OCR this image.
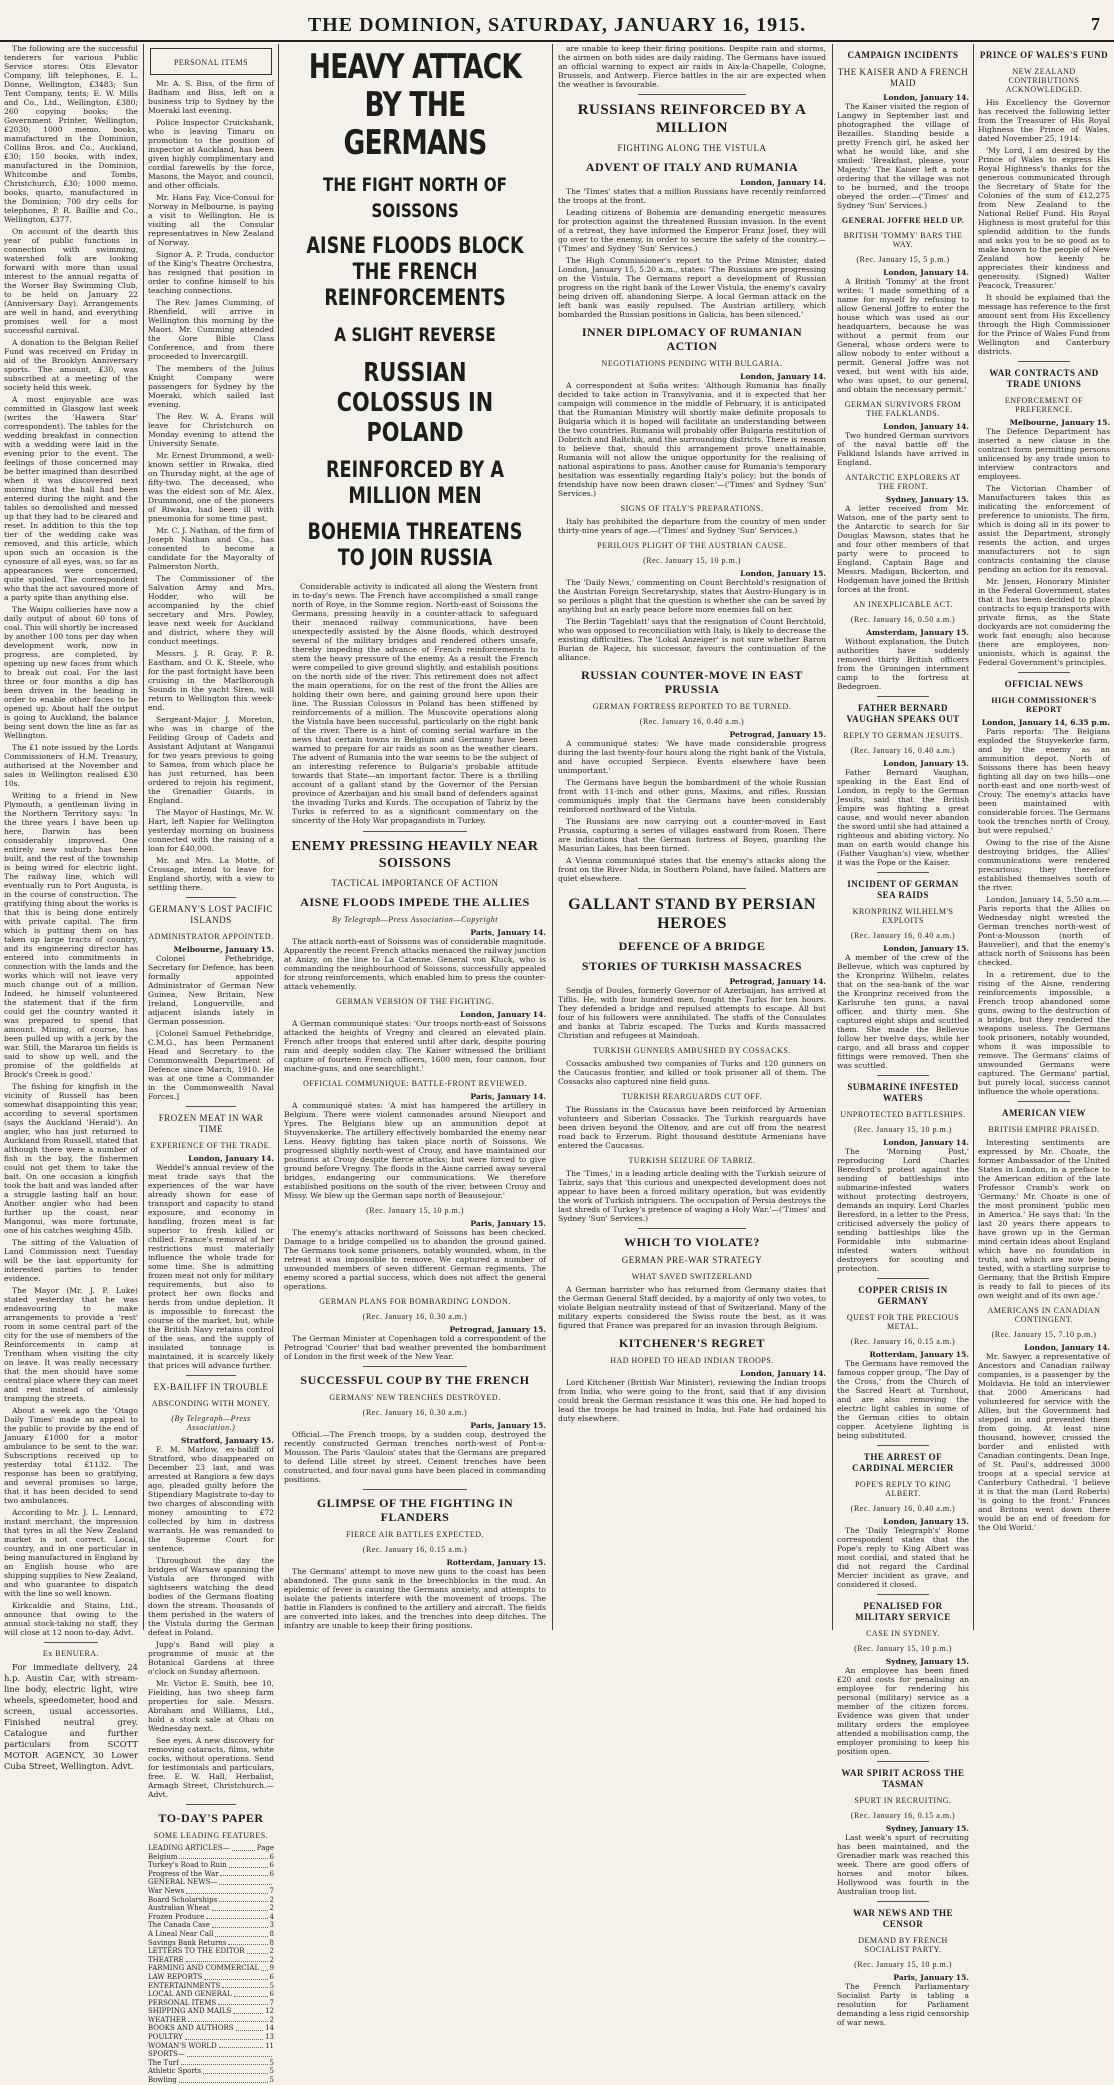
THE DOMINION, SATURDAY, JANUARY 16, 1915.	7

The following are the successful tenderers for various Public Service stores: Otis Elevator Company, lift telephones, E. L. Donne, Wellington, £3483; Sun Tent Company, tents; E. W. Mills and Co., Ltd., Wellington, £380; 260 copying books; the Government Printer, Wellington, £2030; 1000 memo. books, manufactured in the Dominion, Collins Bros. and Co., Auckland, £30; 150 books, with index, manufactured in the Dominion, Whitcombe and Tombs, Christchurch, £30; 1000 memo. books, quarto, manufactured in the Dominion; 700 dry cells for telephones, P. R. Baillie and Co., Wellington, £377.

On account of the dearth this year of public functions in connection with swimming, watershed folk are looking forward with more than usual interest to the annual regatta of the Worser Bay Swimming Club, to be held on January 22 (Anniversary Day). Arrangements are well in hand, and everything promises well for a most successful carnival.

A donation to the Belgian Relief Fund was received on Friday in aid of the Brooklyn Anniversary sports. The amount, £30, was subscribed at a meeting of the society held this week.

A most enjoyable ace was committed in Glasgow last week (writes the 'Hawera Star' correspondent). The tables for the wedding breakfast in connection with a wedding were laid in the evening prior to the event. The feelings of those concerned may be better imagined than described when it was discovered next morning that the hall had been entered during the night and the tables so demolished and messed up that they had to be cleared and reset. In addition to this the top tier of the wedding cake was removed, and this article, which upon such an occasion is the cynosure of all eyes, was, so far as appearances were concerned, quite spoiled. The correspondent who that the act savoured more of a party spite than anything else.

The Waipu collieries have now a daily output of about 60 tons of coal. This will shortly be increased by another 100 tons per day when development work, now in progress, are completed, by opening up new faces from which to break out coal. For the last three or four months a dip has been driven in the heading in order to enable other faces to be opened up. About half the output is going to Auckland, the balance being sent down the line as far as Wellington.

The £1 note issued by the Lords Commissioners of H.M. Treasury, authorised at the November and sales in Wellington realised £30 10s.

Writing to a friend in New Plymouth, a gentleman living in the Northern Territory says: 'In the three years I have been up here, Darwin has been considerably improved. One entirely new suburb has been built, and the rest of the township is being wired for electric light. The railway line, which will eventually run to Port Augusta, is in the course of construction. The gratifying thing about the works is that this is being done entirely with private capital. The firm which is putting them on has taken up large tracts of country, and its engineering director has entered into commitments in connection with the lands and the works which will not leave very much change out of a million. Indeed, he himself volunteered the statement that if the firm could get the country wanted it was prepared to spend that amount. Mining, of course, has been pulled up with a jerk by the war. Still, the Mararoa tin fields is said to show up well, and the promise of the goldfields at Brock's Creek is good.'

The fishing for kingfish in the vicinity of Russell has been somewhat disappointing this year, according to several sportsmen (says the Auckland 'Herald'). An angler, who has just returned to Auckland from Russell, stated that although there were a number of fish in the bay, the fishermen could not get them to take the bait. On one occasion a kingfish took the bait and was landed after a struggle lasting half an hour. Another angler who had been further up the coast, near Mangonui, was more fortunate, one of his catches weighing 45lb.

The sitting of the Valuation of Land Commission next Tuesday will be the last opportunity for interested parties to tender evidence.

The Mayor (Mr. J. P. Luke) stated yesterday that he was endeavouring to make arrangements to provide a 'rest' room in some central part of the city for the use of members of the Reinforcements in camp at Trentham when visiting the city on leave. It was really necessary that the men should have some central place where they can meet and rest instead of aimlessly tramping the streets.

About a week ago the 'Otago Daily Times' made an appeal to the public to provide by the end of January £1000 for a motor ambulance to be sent to the war. Subscriptions received up to yesterday total £1132. The response has been so gratifying, and several promises so large, that it has been decided to send two ambulances.

According to Mr. J. L. Lennard, instant merchant, the impression that tyres in all the New Zealand market is not correct. Local, country, and in one particular in being manufactured in England by an English house who are shipping supplies to New Zealand, and who guarantee to dispatch with the line so well known.

Kirkcaldie and Stains, Ltd., announce that owing to the annual stock-taking no staff, they will close at 12 noon to-day. Advt.

Ex BENUERA.

For immediate delivery, 24 h.p. Austin Car, with stream-line body, electric light, wire wheels, speedometer, hood and screen, usual accessories. Finished neutral grey. Catalogue and further particulars from SCOTT MOTOR AGENCY, 30 Lower Cuba Street, Wellington. Advt.

PERSONAL ITEMS

Mr. A. S. Biss, of the firm of Badham and Biss, left on a business trip to Sydney by the Moeraki last evening.

Police Inspector Cruickshank, who is leaving Timaru on promotion to the position of inspector at Auckland, has been given highly complimentary and cordial farewells by the force, Masons, the Mayor, and council, and other officials.

Mr. Hans Fay, Vice-Consul for Norway in Melbourne, is paying a visit to Wellington. He is visiting all the Consular representatives in New Zealand of Norway.

Signor A. P. Truda, conductor of the King's Theatre Orchestra, has resigned that position in order to confine himself to his teaching connections.

The Rev. James Cumming, of Rhenfield, will arrive in Wellington this morning by the Maori. Mr. Cumming attended the Gore Bible Class Conference, and from there proceeded to Invercargill.

The members of the Julius Knight Company were passengers for Sydney by the Moeraki, which sailed last evening.

The Rev. W. A. Evans will leave for Christchurch on Monday evening to attend the University Senate.

Mr. Ernest Drummond, a well-known settler in Riwaka, died on Thursday night, at the age of fifty-two. The deceased, who was the eldest son of Mr. Alex. Drummond, one of the pioneers of Riwaka, had been ill with pneumonia for some time past.

Mr. C. J. Nathan, of the firm of Joseph Nathan and Co., has consented to become a candidate for the Mayoralty of Palmerston North.

The Commissioner of the Salvation Army and Mrs. Hodder, who will be accompanied by the chief secretary and Mrs. Powley, leave next week for Auckland and district, where they will conduct meetings.

Messrs. J. R. Gray, P. R. Eastham, and O. K. Steele, who for the past fortnight have been cruising in the Marlborough Sounds in the yacht Siren, will return to Wellington this week-end.

Sergeant-Major J. Moreton, who was in charge of the Feilding Group of Cadets and Assistant Adjutant at Wanganui for two years previous to going to Samoa, from which place he has just returned, has been ordered to rejoin his regiment, the Grenadier Guards, in England.

The Mayor of Hastings, Mr. W. Hart, left Napier for Wellington yesterday morning on business connected with the raising of a loan for £40,000.

Mr. and Mrs. La Motte, of Crossage, intend to leave for England shortly, with a view to settling there.

GERMANY'S LOST PACIFIC ISLANDS
ADMINISTRATOR APPOINTED.
Melbourne, January 15.

Colonel Pethebridge, Secretary for Defence, has been formally appointed Administrator of German New Guinea, New Britain, New Ireland, Longuerville, and adjacent islands lately in German possession.

[Colonel Samuel Pethebridge, C.M.G., has been Permanent Head and Secretary to the Commonwealth Department of Defence since March, 1910. He was at one time a Commander in the Commonwealth Naval Forces.]

FROZEN MEAT IN WAR TIME
EXPERIENCE OF THE TRADE.
London, January 14.

Weddel's annual review of the meat trade says that the experiences of the war have already shown for ease of transport and capacity to stand exposure, and economy in handling, frozen meat is far superior to fresh killed or chilled. France's removal of her restrictions must materially influence the whole trade for some time. She is admitting frozen meat not only for military requirements, but also to protect her own flocks and herds from undue depletion. It is impossible to forecast the course of the market, but, while the British Navy retains control of the seas, and the supply of insulated tonnage is maintained, it is scarcely likely that prices will advance further.

EX-BAILIFF IN TROUBLE
ABSCONDING WITH MONEY.
(By Telegraph—Press Association.)
Stratford, January 15.

F. M. Marlow, ex-bailiff of Stratford, who disappeared on December 23 last, and was arrested at Rangiora a few days ago, pleaded guilty before the Stipendiary Magistrate to-day to two charges of absconding with money amounting to £72 collected by him in distress warrants. He was remanded to the Supreme Court for sentence.

Throughout the day the bridges of Warsaw spanning the Vistula are thronged with sightseers watching the dead bodies of the Germans floating down the stream. Thousands of them perished in the waters of the Vistula during the German defeat in Poland.

Jupp's Band will play a programme of music at the Botanical Gardens at three o'clock on Sunday afternoon.

Mr. Victor E. Smith, bee 10, Fielding, has two sheep farm properties for sale. Messrs. Abraham and Williams, Ltd., hold a stock sale at Ohau on Wednesday next.

See eyes. A new discovery for removing cataracts, films, white cocks, without operations. Send for testimonials and particulars, free. E. W. Hall, Herbalist, Armagh Street, Christchurch.—Advt.

TO-DAY'S PAPER
SOME LEADING FEATURES.
LEADING ARTICLES—	Page
Belgium	6
Turkey's Road to Ruin	6
Progress of the War	6
GENERAL NEWS—
War News	7
Board Scholarships	2
Australian Wheat	2
Frozen Produce	4
The Canada Case	3
A Lineal Near Call	8
Savings Bank Returns	8
LETTERS TO THE EDITOR	2
THEATRE	2
FARMING AND COMMERCIAL 9
LAW REPORTS	6
ENTERTAINMENTS	5
LOCAL AND GENERAL	6
PERSONAL ITEMS	7
SHIPPING AND MAILS	12
WEATHER	2
BOOKS AND AUTHORS	14
POULTRY	13
WOMAN'S WORLD	11
SPORTS—
The Turf	5
Athletic Sports	5
Bowling	5
HEAVY ATTACK BY THE GERMANS
THE FIGHT NORTH OF SOISSONS
AISNE FLOODS BLOCK THE FRENCH REINFORCEMENTS
A SLIGHT REVERSE
RUSSIAN COLOSSUS IN POLAND
REINFORCED BY A MILLION MEN
BOHEMIA THREATENS TO JOIN RUSSIA

Considerable activity is indicated all along the Western front in to-day's news. The French have accomplished a small range north of Roye, in the Somme region. North-east of Soissons the Germans, pressing heavily in a counter-attack to safeguard their menaced railway communications, have been unexpectedly assisted by the Aisne floods, which destroyed several of the military bridges and rendered others unsafe, thereby impeding the advance of French reinforcements to stem the heavy pressure of the enemy. As a result the French were compelled to give ground slightly, and establish positions on the north side of the river. This retirement does not affect the main operations, for on the rest of the front the Allies are holding their own here, and gaining ground here upon their line. The Russian Colossus in Poland has been stiffened by reinforcements of a million. The Muscovite operations along the Vistula have been successful, particularly on the right bank of the river. There is a hint of coming serial warfare in the news that certain towns in Belgium and Germany have been warned to prepare for air raids as soon as the weather clears. The advent of Rumania into the war seems to be the subject of an interesting reference to Bulgaria's probable attitude towards that State—an important factor. There is a thrilling account of a gallant stand by the Governor of the Persian province of Azerbaijan and his small band of defenders against the invading Turks and Kurds. The occupation of Tabriz by the Turks is referred to as a significant commentary on the sincerity of the Holy War propagandists in Turkey.

ENEMY PRESSING HEAVILY NEAR SOISSONS
TACTICAL IMPORTANCE OF ACTION
AISNE FLOODS IMPEDE THE ALLIES
By Telegraph—Press Association—Copyright
Paris, January 14.

The attack north-east of Soissons was of considerable magnitude. Apparently the recent French attacks menaced the railway junction at Anizy, on the line to La Catenne. General von Kluck, who is commanding the neighbourhood of Soissons, successfully appealed for strong reinforcements, which enabled him to press the counter-attack vehemently.

GERMAN VERSION OF THE FIGHTING.
London, January 14.

A German communiqué states: 'Our troops north-east of Soissons attacked the heights of Vregny and cleared an elevated plain. French after troops that entered until after dark, despite pouring rain and deeply sodden clay. The Kaiser witnessed the brilliant capture of fourteen French officers, 1600 men, four cannon, four machine-guns, and one searchlight.'

OFFICIAL COMMUNIQUE: BATTLE-FRONT REVIEWED.
Paris, January 14.

A communiqué states: 'A mist has hampered the artillery in Belgium. There were violent cannonades around Nieuport and Ypres. The Belgians blew up an ammunition depot at Stuyvenskerke. The artillery effectively bombarded the enemy near Lens. Heavy fighting has taken place north of Soissons. We progressed slightly north-west of Crouy, and have maintained our positions at Crouy despite fierce attacks; but were forced to give ground before Vregny. The floods in the Aisne carried away several bridges, endangering our communications. We therefore established positions on the south of the river, between Crouy and Missy. We blew up the German saps north of Beausejour.'

(Rec. January 15, 10 p.m.)
Paris, January 15.

The enemy's attacks northward of Soissons has been checked. Damage to a bridge compelled us to abandon the ground gained. The Germans took some prisoners, notably wounded, whom, in the retreat it was impossible to remove. We captured a number of unwounded members of seven different German regiments. The enemy scored a partial success, which does not affect the general operations.

GERMAN PLANS FOR BOMBARDING LONDON.
(Rec. January 16, 0.30 a.m.)
Petrograd, January 15.

The German Minister at Copenhagen told a correspondent of the Petrograd 'Courier' that bad weather prevented the bombardment of London in the first week of the New Year.

SUCCESSFUL COUP BY THE FRENCH
GERMANS' NEW TRENCHES DESTROYED.
(Rec. January 16, 0.30 a.m.)
Paris, January 15.

Official.—The French troops, by a sudden coup, destroyed the recently constructed German trenches north-west of Pont-a-Mousson. The Paris 'Gaulois' states that the Germans are prepared to defend Lille street by street. Cement trenches have been constructed, and four naval guns have been placed in commanding positions.

GLIMPSE OF THE FIGHTING IN FLANDERS
FIERCE AIR BATTLES EXPECTED.
(Rec. January 16, 0.15 a.m.)
Rotterdam, January 15.

The Germans' attempt to move new guns to the coast has been abandoned. The guns sank in the breechblocks in the mud. An epidemic of fever is causing the Germans anxiety, and attempts to isolate the patients interfere with the movement of troops. The battle in Flanders is confined to the artillery and aircraft. The fields are converted into lakes, and the trenches into deep ditches. The infantry are unable to keep their firing positions.

are unable to keep their firing positions. Despite rain and storms, the airmen on both sides are daily raiding. The Germans have issued an official warning to expect air raids in Aix-la-Chapelle, Cologne, Brussels, and Antwerp. Fierce battles in the air are expected when the weather is favourable.

RUSSIANS REINFORCED BY A MILLION
FIGHTING ALONG THE VISTULA
ADVENT OF ITALY AND RUMANIA
London, January 14.

The 'Times' states that a million Russians have recently reinforced the troops at the front.

Leading citizens of Bohemia are demanding energetic measures for protection against the threatened Russian invasion. In the event of a retreat, they have informed the Emperor Franz Josef, they will go over to the enemy, in order to secure the safety of the country.—('Times' and Sydney 'Sun' Services.)

The High Commissioner's report to the Prime Minister, dated London, January 15, 5.20 a.m., states: 'The Russians are progressing on the Vistula. The Germans report a development of Russian progress on the right bank of the Lower Vistula, the enemy's cavalry being driven off, abandoning Sierpe. A local German attack on the left bank was easily repulsed. The Austrian artillery, which bombarded the Russian positions in Galicia, has been silenced.'

INNER DIPLOMACY OF RUMANIAN ACTION
NEGOTIATIONS PENDING WITH BULGARIA.
London, January 14.

A correspondent at Sofia writes: 'Although Rumania has finally decided to take action in Transylvania, and it is expected that her campaign will commence in the middle of February, it is anticipated that the Rumanian Ministry will shortly make definite proposals to Bulgaria which it is hoped will facilitate an understanding between the two countries. Rumania will probably offer Bulgaria restitution of Dobritch and Baltchik, and the surrounding districts. There is reason to believe that, should this arrangement prove unattainable, Rumania will not allow the unique opportunity for the realising of national aspirations to pass. Another cause for Rumania's temporary hesitation was essentially regarding Italy's policy; but the bonds of friendship have now been drawn closer.'—('Times' and Sydney 'Sun' Services.)

SIGNS OF ITALY'S PREPARATIONS.

Italy has prohibited the departure from the country of men under thirty-nine years of age.—('Times' and Sydney 'Sun' Services.)

PERILOUS PLIGHT OF THE AUSTRIAN CAUSE.
(Rec. January 15, 10 p.m.)
London, January 15.

The 'Daily News,' commenting on Count Berchtold's resignation of the Austrian Foreign Secretaryship, states that Austro-Hungary is in so perilous a plight that the question is whether she can be saved by anything but an early peace before more enemies fall on her.

The Berlin 'Tageblatt' says that the resignation of Count Berchtold, who was opposed to reconciliation with Italy, is likely to decrease the existing difficulties. The 'Lokal Anzeiger' is not sure whether Baron Burian de Rajecz, his successor, favours the continuation of the alliance.

RUSSIAN COUNTER-MOVE IN EAST PRUSSIA
GERMAN FORTRESS REPORTED TO BE TURNED.
(Rec. January 16, 0.40 a.m.)
Petrograd, January 15.

A communiqué states: 'We have made considerable progress during the last twenty-four hours along the right bank of the Vistula, and have occupied Serpiece. Events elsewhere have been unimportant.'

The Germans have begun the bombardment of the whole Russian front with 11-inch and other guns, Maxims, and rifles. Russian communiqués imply that the Germans have been considerably reinforced northward of the Vistula.

The Russians are now carrying out a counter-moved in East Prussia, capturing a series of villages eastward from Rosen. There are indications that the German fortress of Boyen, guarding the Masurian Lakes, has been turned.

A Vienna communiqué states that the enemy's attacks along the front on the River Nida, in Southern Poland, have failed. Matters are quiet elsewhere.

GALLANT STAND BY PERSIAN HEROES
DEFENCE OF A BRIDGE
STORIES OF TURKISH MASSACRES
Petrograd, January 14.

Sendja of Doules, formerly Governor of Azerbaijan, has arrived at Tiflis. He, with four hundred men, fought the Turks for ten hours. They defended a bridge and repulsed attempts to escape. All but four of his followers were annihilated. The staffs of the Consulates and banks at Tabriz escaped. The Turks and Kurds massacred Christian and refugees at Maindoah.

TURKISH GUNNERS AMBUSHED BY COSSACKS.

Cossacks ambushed two companies of Turks and 120 gunners on the Caucasus frontier, and killed or took prisoner all of them. The Cossacks also captured nine field guns.

TURKISH REARGUARDS CUT OFF.

The Russians in the Caucasus have been reinforced by Armenian volunteers and Siberian Cossacks. The Turkish rearguards have been driven beyond the Oltenov, and are cut off from the nearest road back to Erzerum. Right thousand destitute Armenians have entered the Caucasus.

TURKISH SEIZURE OF TABRIZ.

The 'Times,' in a leading article dealing with the Turkish seizure of Tabriz, says that 'this curious and unexpected development does not appear to have been a forced military operation, but was evidently the work of Turkish intriguers. The occupation of Persia destroys the last shreds of Turkey's pretence of waging a Holy War.'—('Times' and Sydney 'Sun' Services.)

WHICH TO VIOLATE?
GERMAN PRE-WAR STRATEGY
WHAT SAVED SWITZERLAND

A German barrister who has returned from Germany states that the German General Staff decided, by a majority of only two votes, to violate Belgian neutrality instead of that of Switzerland. Many of the military experts considered the Swiss route the best, as it was figured that France was prepared for an invasion through Belgium.

KITCHENER'S REGRET
HAD HOPED TO HEAD INDIAN TROOPS.
London, January 14.

Lord Kitchener (British War Minister), reviewing the Indian troops from India, who were going to the front, said that if any division could break the German resistance it was this one. He had hoped to lead the troops he had trained in India, but Fate had ordained his duty elsewhere.

CAMPAIGN INCIDENTS
THE KAISER AND A FRENCH MAID
London, January 14.

The Kaiser visited the region of Langwy in September last and photographed the village of Bezailles. Standing beside a pretty French girl, he asked her what he would like, and she smiled: 'Breakfast, please, your Majesty.' The Kaiser left a note ordering that the village was not to be burned, and the troops obeyed the order.—('Times' and Sydney 'Sun' Services.)

GENERAL JOFFRE HELD UP.
BRITISH 'TOMMY' BARS THE WAY.
(Rec. January 15, 5 p.m.)
London, January 14.

A British 'Tommy' at the front writes: 'I made something of a name for myself by refusing to allow General Joffre to enter the house which was used as our headquarters, because he was without a permit from our General, whose orders were to allow nobody to enter without a permit. General Joffre was not vexed, but went with his aide, who was upset, to our general, and obtain the necessary permit.'

GERMAN SURVIVORS FROM THE FALKLANDS.
London, January 14.

Two hundred German survivors of the naval battle off the Falkland Islands have arrived in England.

ANTARCTIC EXPLORERS AT THE FRONT.
Sydney, January 15.

A letter received from Mr. Watson, one of the party sent to the Antarctic to search for Sir Douglas Mawson, states that he and four other members of that party were to proceed to England. Captain Bage and Messrs. Madigan, Bickerton, and Hodgeman have joined the British forces at the front.

AN INEXPLICABLE ACT.
(Rec. January 16, 0.50 a.m.)
Amsterdam, January 15.

Without explanation, the Dutch authorities have suddenly removed thirty British officers from the Groningen internment camp to the fortress at Bedegroen.

FATHER BERNARD VAUGHAN SPEAKS OUT
REPLY TO GERMAN JESUITS.
(Rec. January 16, 0.40 a.m.)
London, January 15.

Father Bernard Vaughan, speaking in the East End of London, in reply to the German Jesuits, said that the British Empire was fighting a great cause, and would never abandon the sword until she had attained a righteous and abiding victory. No man on earth would change his (Father Vaughan's) view, whether it was the Pope or the Kaiser.

INCIDENT OF GERMAN SEA RAIDS
KRONPRINZ WILHELM'S EXPLOITS
(Rec. January 16, 0.40 a.m.)
London, January 15.

A member of the crew of the Bellevue, which was captured by the Kronprinz Wilhelm, relates that on the sea-bank of the war the Kronprinz received from the Karlsruhe ten guns, a naval officer, and thirty men. She captured eight ships and scuttled them. She made the Bellevue follow her twelve days, while her cargo, and all brass and copper fittings were removed. Then she was scuttled.

SUBMARINE INFESTED WATERS
UNPROTECTED BATTLESHIPS.
(Rec. January 15, 10 p.m.)
London, January 14.

The 'Morning Post,' reproducing Lord Charles Beresford's protest against the sending of battleships into submarine-infested waters without protecting destroyers, demands an inquiry. Lord Charles Beresford, in a letter to the Press, criticised adversely the policy of sending battleships like the Formidable into submarine-infested waters without destroyers for scouting and protection.

COPPER CRISIS IN GERMANY
QUEST FOR THE PRECIOUS METAL.
(Rec. January 16, 0.15 a.m.)
Rotterdam, January 15.

The Germans have removed the famous copper group, 'The Day of the Cross,' from the Church of the Sacred Heart at Turnhout, and are also removing the electric light cables in some of the German cities to obtain copper. Acetylene lighting is being substituted.

THE ARREST OF CARDINAL MERCIER
POPE'S REPLY TO KING ALBERT.
(Rec. January 16, 0.40 a.m.)
London, January 15.

The 'Daily Telegraph's' Rome correspondent states that the Pope's reply to King Albert was most cordial, and stated that he did not regard the Cardinal Mercier incident as grave, and considered it closed.

PENALISED FOR MILITARY SERVICE
CASE IN SYDNEY.
(Rec. January 15, 10 p.m.)
Sydney, January 15.

An employee has been fined £20 and costs for penalising an employee for rendering his personal (military) service as a member of the citizen forces. Evidence was given that under military orders the employee attended a mobilisation camp, the employer promising to keep his position open.

WAR SPIRIT ACROSS THE TASMAN
SPURT IN RECRUITING.
(Rec. January 16, 0.15 a.m.)
Sydney, January 15.

Last week's spurt of recruiting has been maintained, and the Grenadier mark was reached this week. There are good offers of horses and motor bikes. Hollywood was fourth in the Australian troop list.

WAR NEWS AND THE CENSOR
DEMAND BY FRENCH SOCIALIST PARTY.
(Rec. January 15, 10 p.m.)
Paris, January 15.

The French Parliamentary Socialist Party is tabling a resolution for Parliament demanding a less rigid censorship of war news.

PRINCE OF WALES'S FUND
NEW ZEALAND CONTRIBUTIONS ACKNOWLEDGED.

His Excellency the Governor has received the following letter from the Treasurer of His Royal Highness the Prince of Wales, dated November 25, 1914:

'My Lord, I am desired by the Prince of Wales to express His Royal Highness's thanks for the generous communicated through the Secretary of State for the Colonies of the sum of £12,275 from New Zealand to the National Relief Fund. His Royal Highness is most grateful for this splendid addition to the funds and asks you to be so good as to make known to the people of New Zealand how keenly he appreciates their kindness and generosity. (Signed) Walter Peacock, Treasurer.'

It should be explained that the message has reference to the first amount sent from His Excellency through the High Commissioner for the Prince of Wales Fund from Wellington and Canterbury districts.

WAR CONTRACTS AND TRADE UNIONS
ENFORCEMENT OF PREFERENCE.
Melbourne, January 15.

The Defence Department has inserted a new clause in the contract form permitting persons unlicensed by any trade union to interview contractors and employees.

The Victorian Chamber of Manufacturers takes this as indicating the enforcement of preference to unionists. The firm, which is doing all in its power to assist the Department, strongly resents the action, and urges manufacturers not to sign contracts containing the clause pending an action for its removal.

Mr. Jensen, Honorary Minister in the Federal Government, states that it has been decided to place contracts to equip transports with private firms, as the State dockyards are not considering the work fast enough; also because there are employees, non-unionists, which is against the Federal Government's principles.

OFFICIAL NEWS
HIGH COMMISSIONER'S REPORT
London, January 14, 6.35 p.m.

Paris reports: 'The Belgians exploded the Stuyvekerke farm, and by the enemy as an ammunition depot. North of Soissons there has been heavy fighting all day on two hills—one north-east and one north-west of Crouy. The enemy's attacks have been maintained with considerable forces. The Germans took the trenches north of Crouy, but were repulsed.'

Owing to the rise of the Aisne destroying bridges, the Allies' communications were rendered precarious; they therefore established themselves south of the river.

London, January 14, 5.50 a.m.—Paris reports that the Allies on Wednesday night wrested the German trenches north-west of Pont-a-Mousson (north of Bauvelier), and that the enemy's attack north of Soissons has been checked.

In a retirement, due to the rising of the Aisne, rendering reinforcements impossible, a French troop abandoned some guns, owing to the destruction of a bridge, but they rendered the weapons useless. The Germans took prisoners, notably wounded, whom it was impossible to remove. The Germans' claims of unwounded Germans were captured. The Germans' partial, but purely local, success cannot influence the whole operations.

AMERICAN VIEW
BRITISH EMPIRE PRAISED.

Interesting sentiments are expressed by Mr. Choate, the former Ambassador of the United States in London, in a preface to the American edition of the late Professor Cramb's work on 'Germany.' Mr. Choate is one of the most prominent 'public men in America.' He says that: 'In the last 20 years there appears to have grown up in the German mind certain ideas about England which have no foundation in truth, and which are now being tested, with a startling surprise to Germany, that the British Empire is ready to fall to pieces of its own weight and of its own age.'

AMERICANS IN CANADIAN CONTINGENT.
(Rec. January 15, 7.10 p.m.)
London, January 14.

Mr. Sawyer, a representative of Ancestors and Canadian railway companies, is a passenger by the Moldavia. He told an interviewer that 2000 Americans had volunteered for service with the Allies, but the Government had stepped in and prevented them from going. At least nine thousand, however, crossed the border and enlisted with Canadian contingents. Dean Inge, of St. Paul's, addressed 3000 troops at a special service at Canterbury Cathedral. 'I believe it is that the man (Lord Roberts) 'is going to the front.' Frances and Britons went down there would be an end of freedom for the Old World.'
